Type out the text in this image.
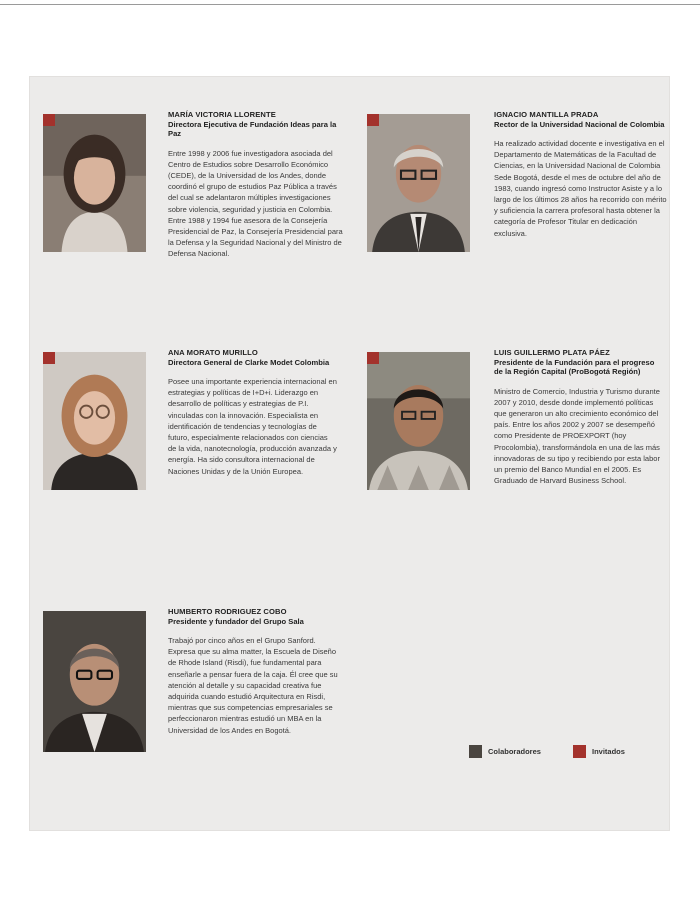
MARÍA VICTORIA LLORENTE
Directora Ejecutiva de Fundación Ideas para la Paz

Entre 1998 y 2006 fue investigadora asociada del Centro de Estudios sobre Desarrollo Económico (CEDE), de la Universidad de los Andes, donde coordinó el grupo de estudios Paz Pública a través del cual se adelantaron múltiples investigaciones sobre violencia, seguridad y justicia en Colombia. Entre 1988 y 1994 fue asesora de la Consejería Presidencial de Paz, la Consejería Presidencial para la Defensa y la Seguridad Nacional y del Ministro de Defensa Nacional.

IGNACIO MANTILLA PRADA
Rector de la Universidad Nacional de Colombia

Ha realizado actividad docente e investigativa en el Departamento de Matemáticas de la Facultad de Ciencias, en la Universidad Nacional de Colombia Sede Bogotá, desde el mes de octubre del año de 1983, cuando ingresó como Instructor Asiste y a lo largo de los últimos 28 años ha recorrido con mérito y suficiencia la carrera profesoral hasta obtener la categoría de Profesor Titular en dedicación exclusiva.

ANA MORATO MURILLO
Directora General de Clarke Modet Colombia

Posee una importante experiencia internacional en estrategias y políticas de I+D+i. Liderazgo en desarrollo de políticas y estrategias de P.I. vinculadas con la innovación. Especialista en identificación de tendencias y tecnologías de futuro, especialmente relacionados con ciencias de la vida, nanotecnología, producción avanzada y energía. Ha sido consultora internacional de Naciones Unidas y de la Unión Europea.

LUIS GUILLERMO PLATA PÁEZ
Presidente de la Fundación para el progreso de la Región Capital (ProBogotá Región)

Ministro de Comercio, Industria y Turismo durante 2007 y 2010, desde donde implementó políticas que generaron un alto crecimiento económico del país. Entre los años 2002 y 2007 se desempeñó como Presidente de PROEXPORT (hoy Procolombia), transformándola en una de las más innovadoras de su tipo y recibiendo por esta labor un premio del Banco Mundial en el 2005. Es Graduado de Harvard Business School.

HUMBERTO RODRIGUEZ COBO
Presidente y fundador del Grupo Sala

Trabajó por cinco años en el Grupo Sanford. Expresa que su alma matter, la Escuela de Diseño de Rhode Island (Risdi), fue fundamental para enseñarle a pensar fuera de la caja. Él cree que su atención al detalle y su capacidad creativa fue adquirida cuando estudió Arquitectura en Risdi, mientras que sus competencias empresariales se perfeccionaron mientras estudió un MBA en la Universidad de los Andes en Bogotá.

Colaboradores	Invitados
